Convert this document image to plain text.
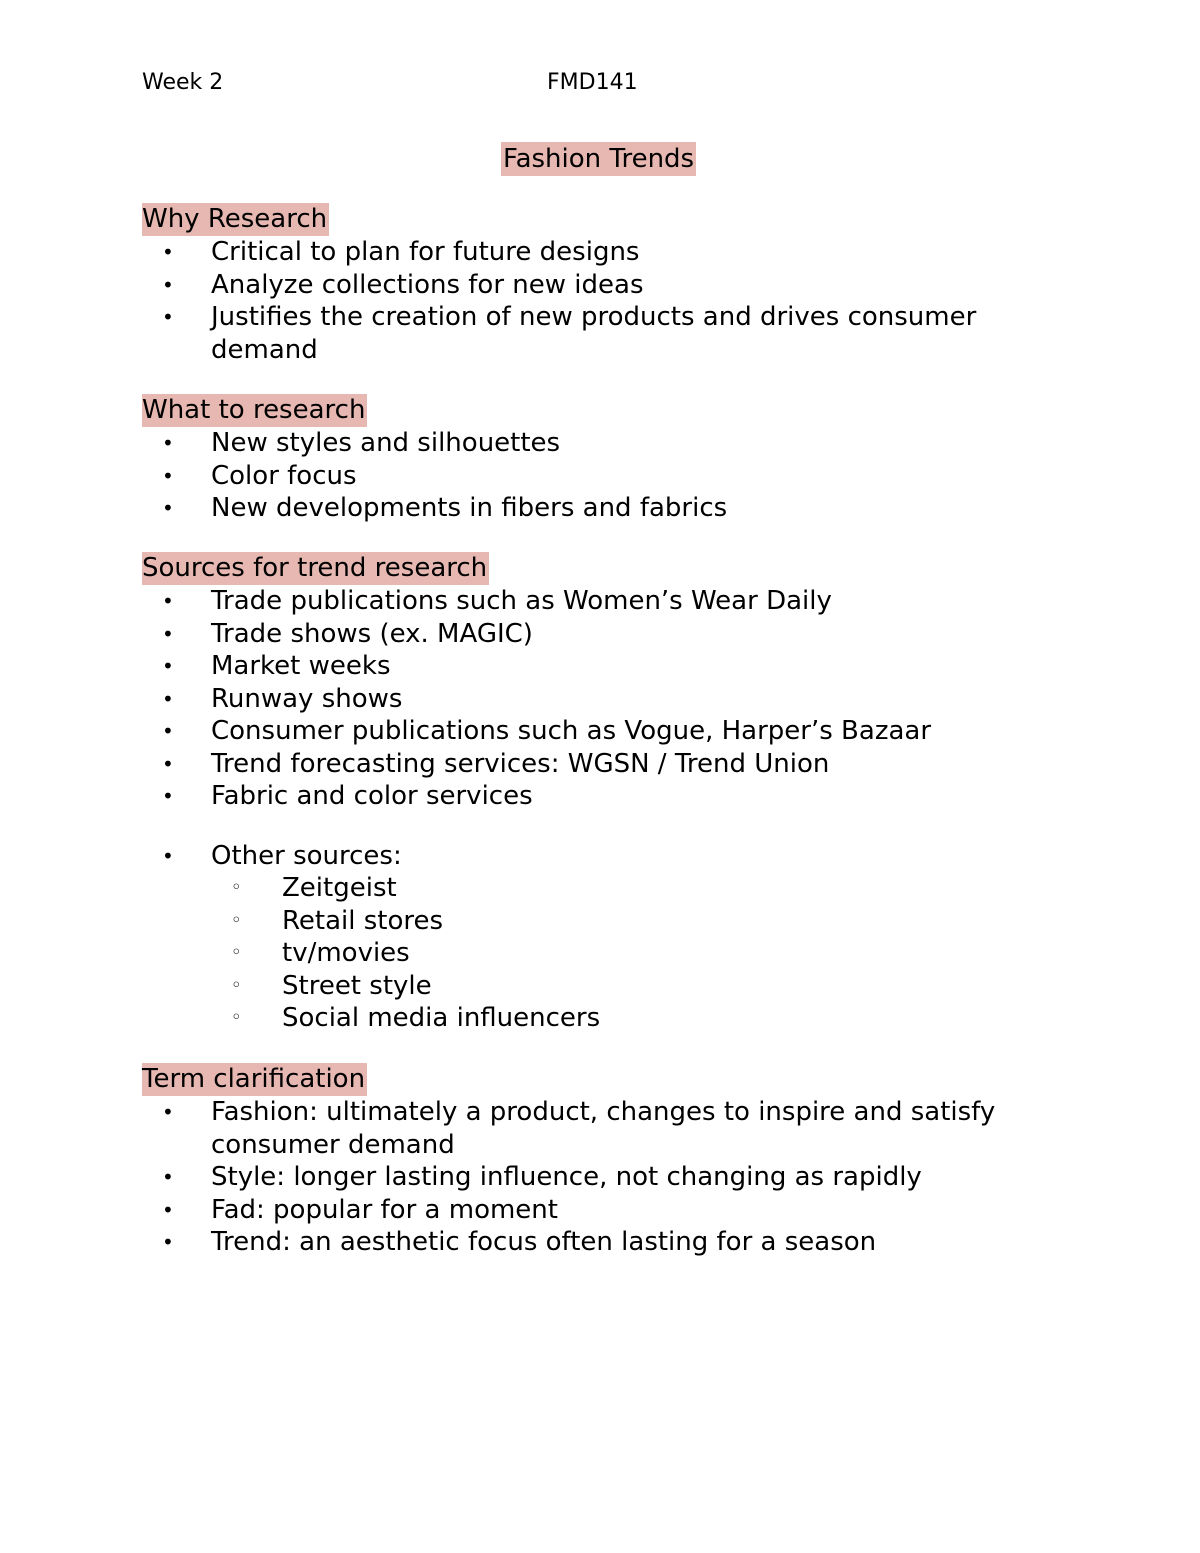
Week 2	FMD141
Fashion Trends
Why Research
• Critical to plan for future designs
• Analyze collections for new ideas
• Justifies the creation of new products and drives consumer demand
What to research
• New styles and silhouettes
• Color focus
• New developments in fibers and fabrics
Sources for trend research
• Trade publications such as Women’s Wear Daily
• Trade shows (ex. MAGIC)
• Market weeks
• Runway shows
• Consumer publications such as Vogue, Harper’s Bazaar
• Trend forecasting services: WGSN / Trend Union
• Fabric and color services
• Other sources:
◦ Zeitgeist
◦ Retail stores
◦ tv/movies
◦ Street style
◦ Social media influencers
Term clarification
• Fashion: ultimately a product, changes to inspire and satisfy consumer demand
• Style: longer lasting influence, not changing as rapidly
• Fad: popular for a moment
• Trend: an aesthetic focus often lasting for a season
